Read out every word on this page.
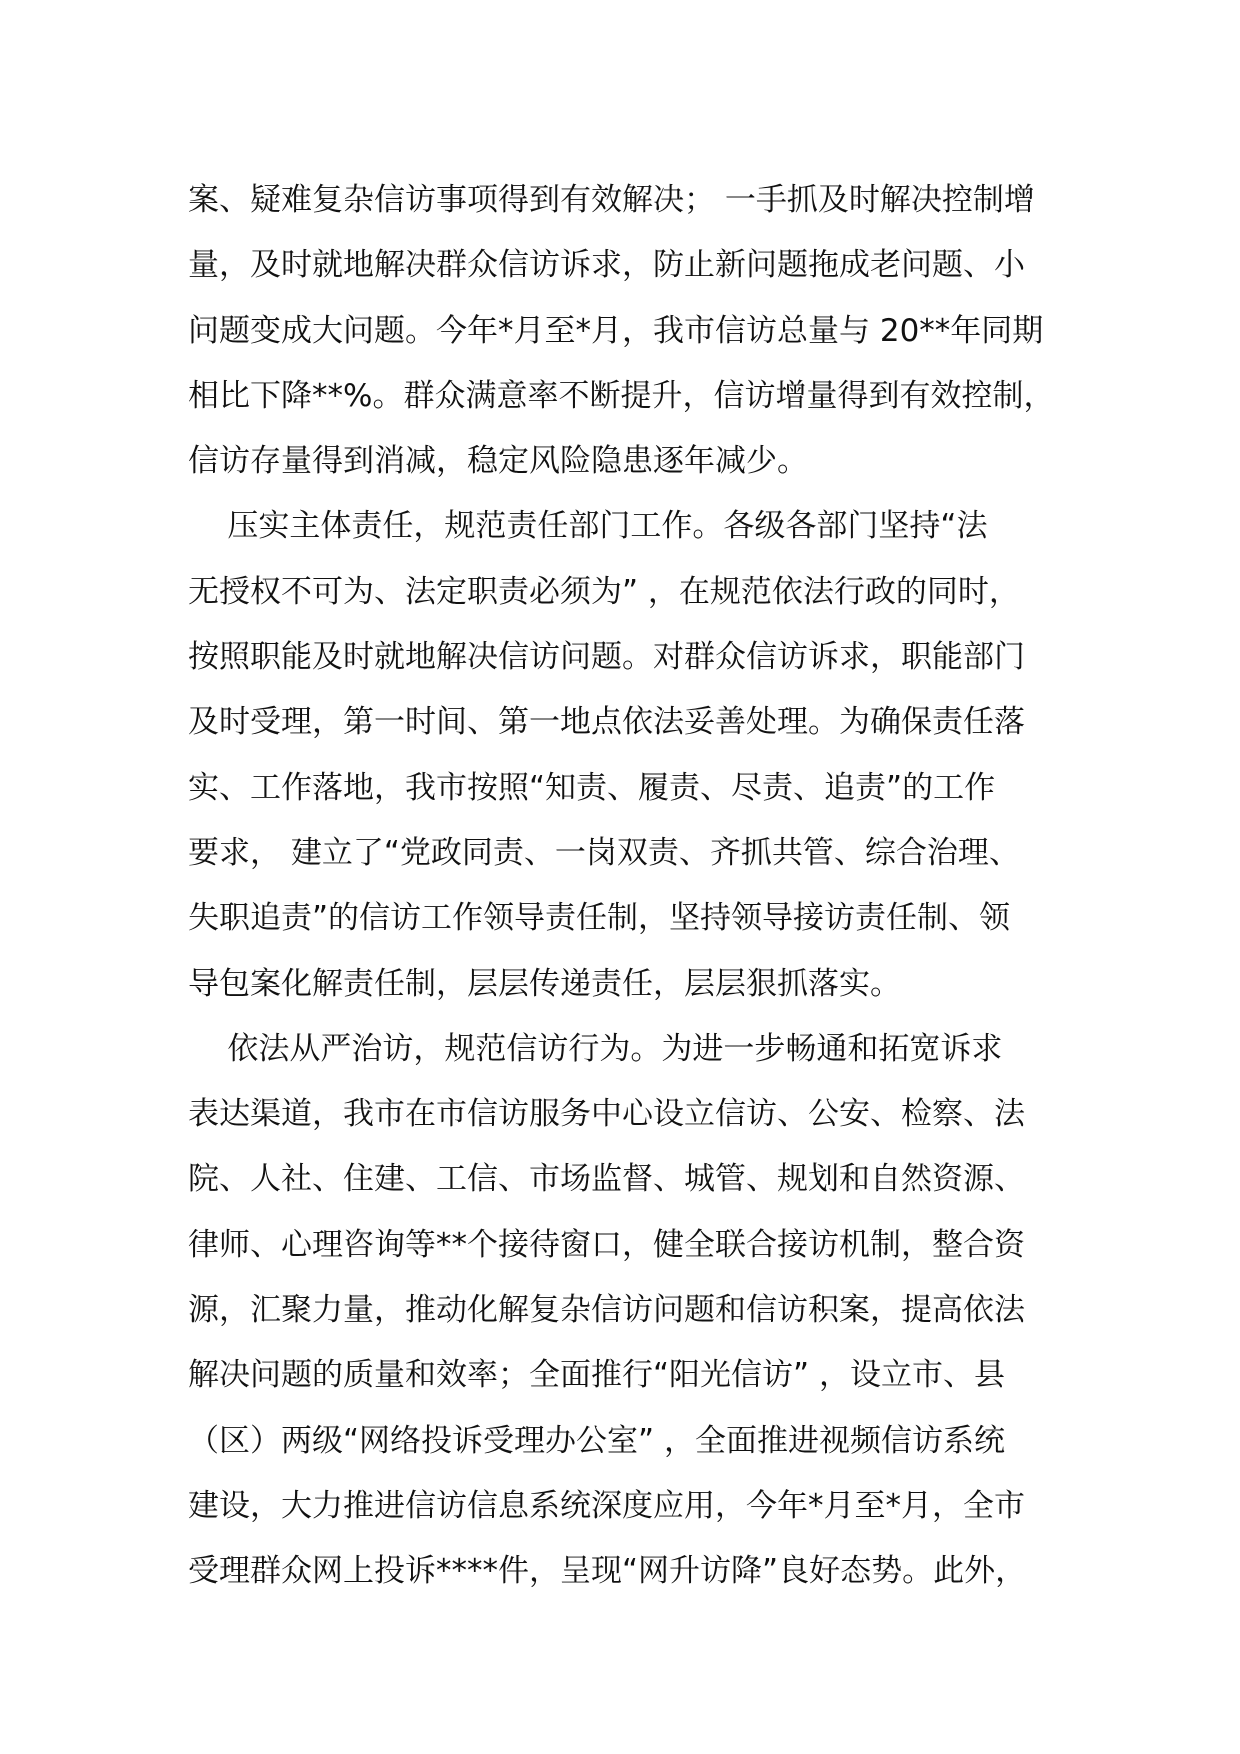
案、疑难复杂信访事项得到有效解决； 一手抓及时解决控制增
量，及时就地解决群众信访诉求，防止新问题拖成老问题、小
问题变成大问题。今年*月至*月，我市信访总量与 20**年同期
相比下降**%。群众满意率不断提升，信访增量得到有效控制，
信访存量得到消减，稳定风险隐患逐年减少。
压实主体责任，规范责任部门工作。各级各部门坚持“法
无授权不可为、法定职责必须为” ，在规范依法行政的同时，
按照职能及时就地解决信访问题。对群众信访诉求，职能部门
及时受理，第一时间、第一地点依法妥善处理。为确保责任落
实、工作落地，我市按照“知责、履责、尽责、追责”的工作
要求， 建立了“党政同责、一岗双责、齐抓共管、综合治理、
失职追责”的信访工作领导责任制，坚持领导接访责任制、领
导包案化解责任制，层层传递责任，层层狠抓落实。
依法从严治访，规范信访行为。为进一步畅通和拓宽诉求
表达渠道，我市在市信访服务中心设立信访、公安、检察、法
院、人社、住建、工信、市场监督、城管、规划和自然资源、
律师、心理咨询等**个接待窗口，健全联合接访机制，整合资
源，汇聚力量，推动化解复杂信访问题和信访积案，提高依法
解决问题的质量和效率；全面推行“阳光信访” ，设立市、县
（区）两级“网络投诉受理办公室” ，全面推进视频信访系统
建设，大力推进信访信息系统深度应用，今年*月至*月，全市
受理群众网上投诉****件，呈现“网升访降”良好态势。此外，
